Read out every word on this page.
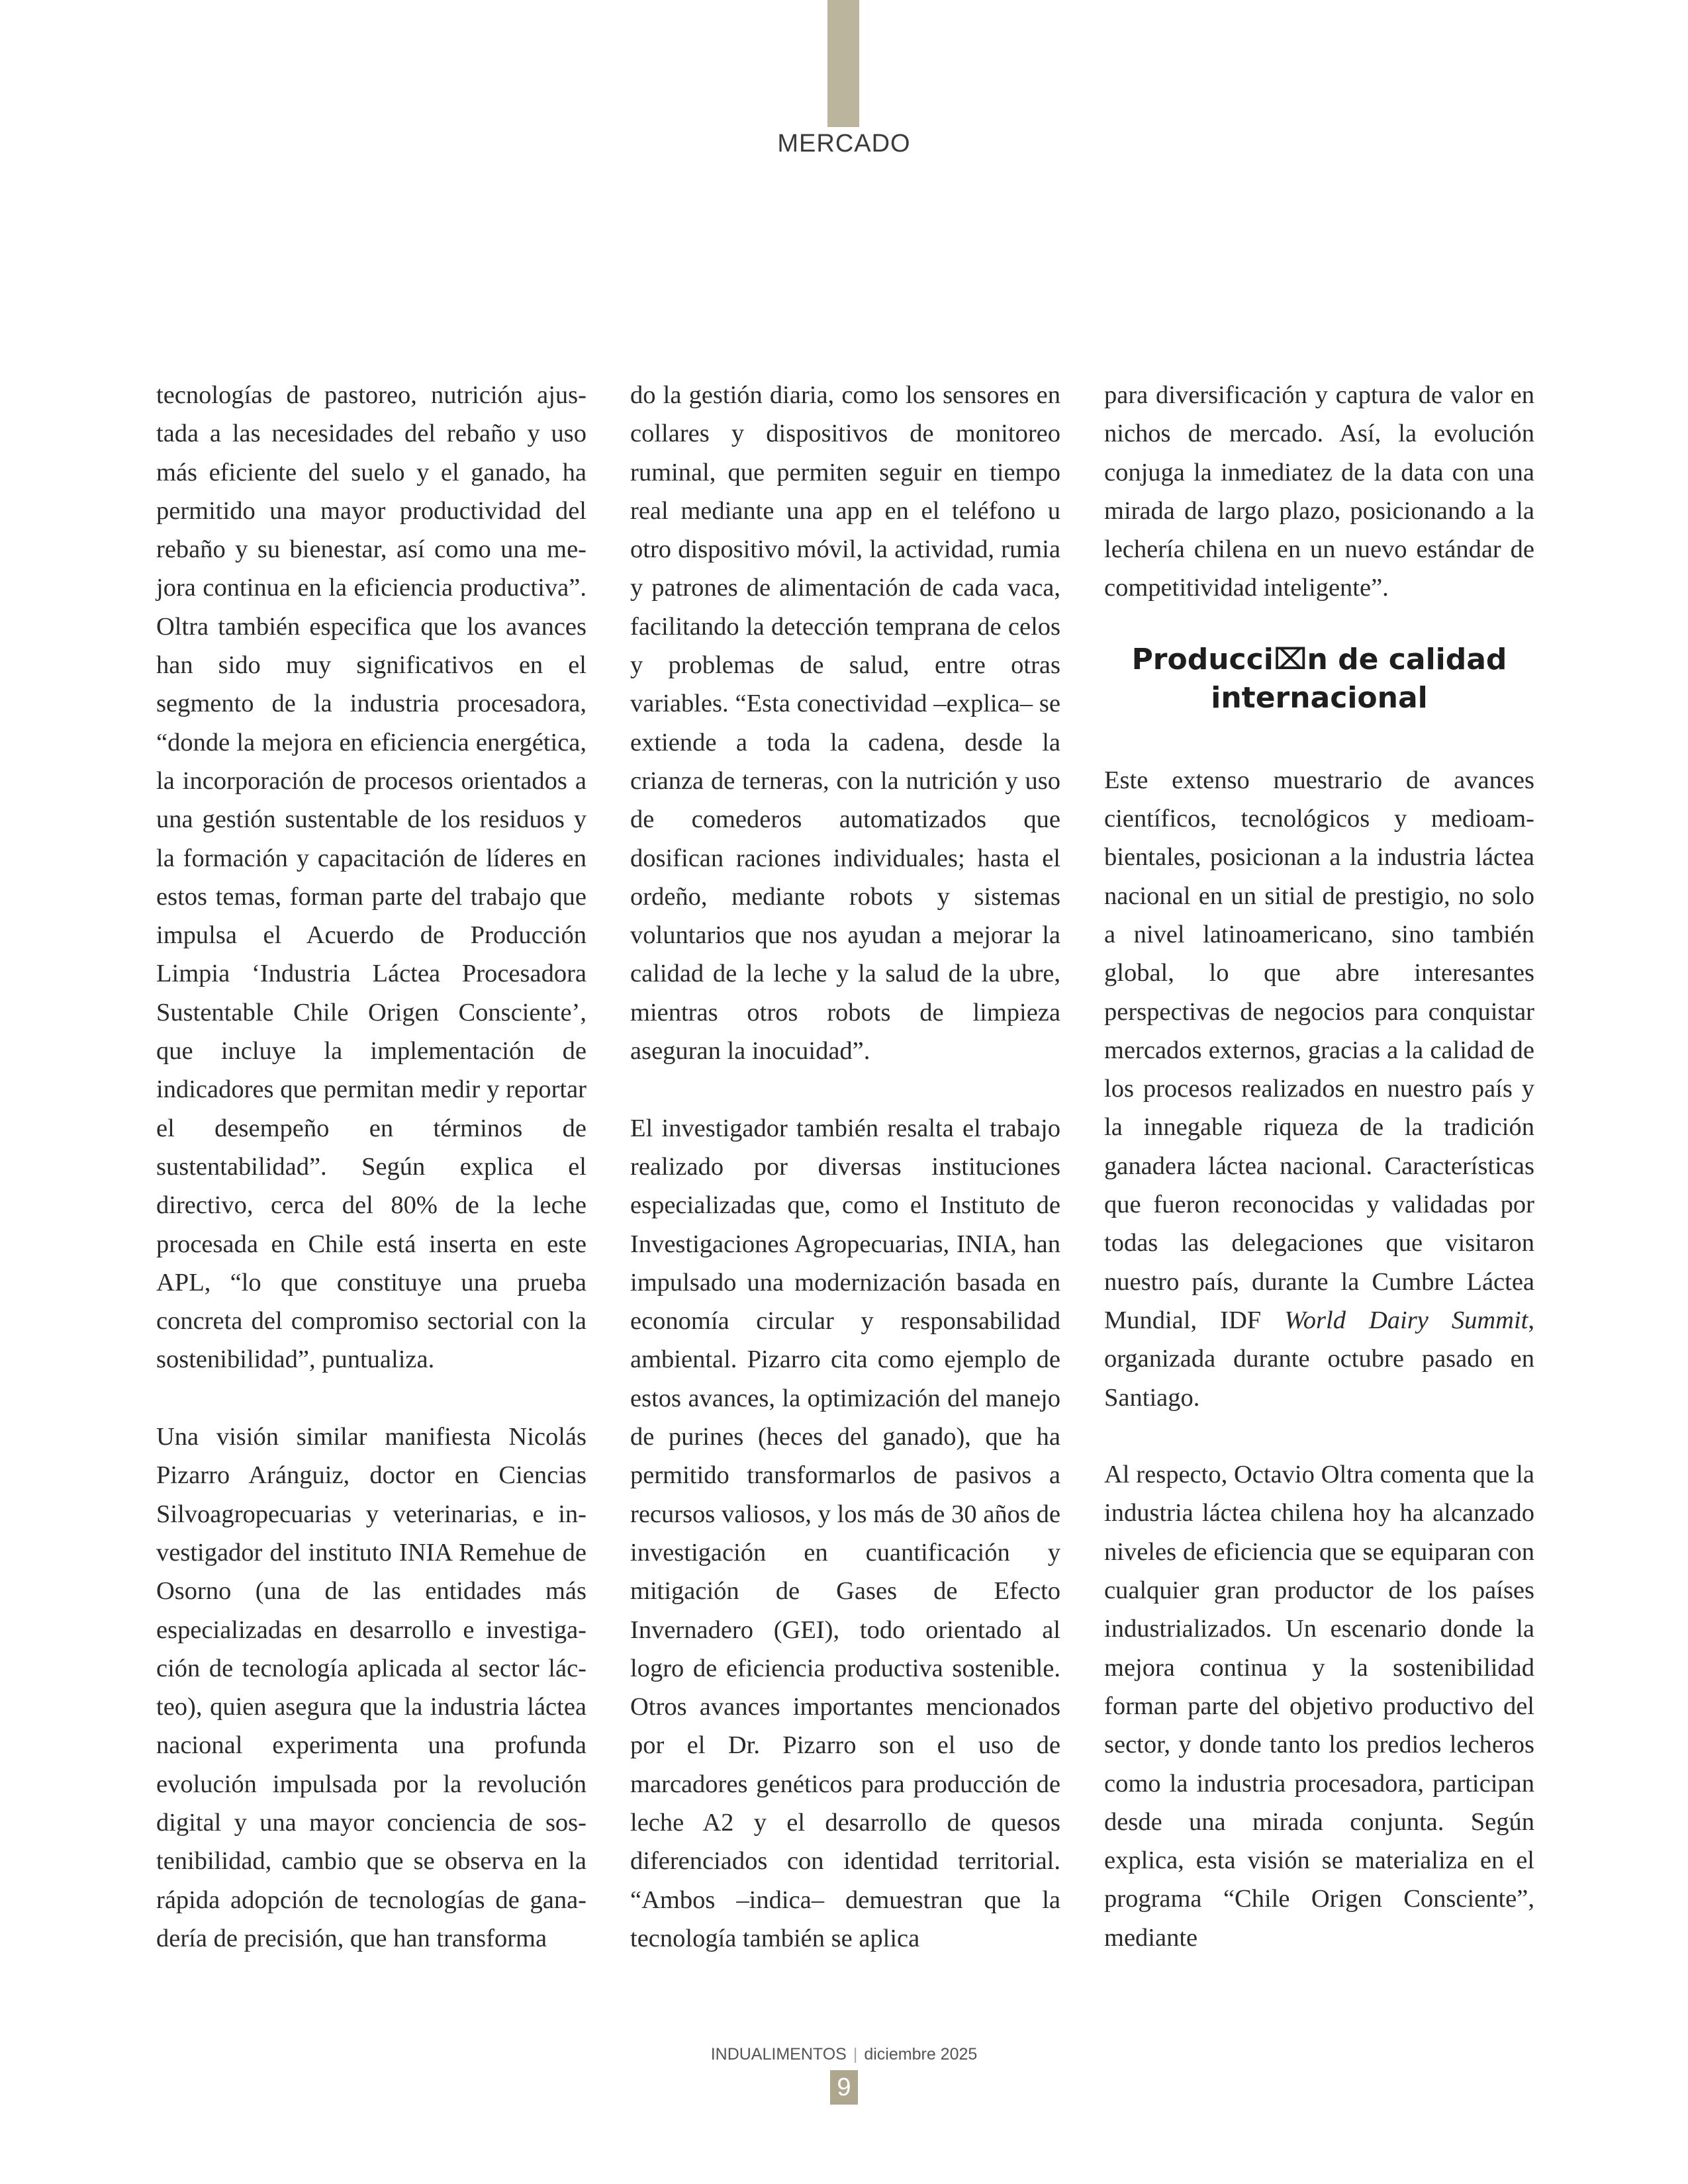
MERCADO

tecnologías de pastoreo, nutrición ajustada a las necesidades del rebaño y uso más eficiente del suelo y el ganado, ha permitido una mayor productividad del rebaño y su bienestar, así como una mejora continua en la eficiencia productiva”. Oltra también especifica que los avances han sido muy significativos en el segmento de la industria procesadora, “donde la mejora en eficiencia energética, la incorporación de procesos orientados a una gestión sustentable de los residuos y la formación y capacitación de líderes en estos temas, forman parte del trabajo que impulsa el Acuerdo de Producción Limpia ‘Industria Láctea Procesadora Sustentable Chile Origen Consciente’, que incluye la implementación de indicadores que permitan medir y reportar el desempeño en términos de sustentabilidad”. Según explica el directivo, cerca del 80% de la leche procesada en Chile está inserta en este APL, “lo que constituye una prueba concreta del compromiso sectorial con la sostenibilidad”, puntualiza.

Una visión similar manifiesta Nicolás Pizarro Aránguiz, doctor en Ciencias Silvoagropecuarias y veterinarias, e investigador del instituto INIA Remehue de Osorno (una de las entidades más especializadas en desarrollo e investigación de tecnología aplicada al sector lácteo), quien asegura que la industria láctea nacional experimenta una profunda evolución impulsada por la revolución digital y una mayor conciencia de sostenibilidad, cambio que se observa en la rápida adopción de tecnologías de ganadería de precisión, que han transforma

do la gestión diaria, como los sensores en collares y dispositivos de monitoreo ruminal, que permiten seguir en tiempo real mediante una app en el teléfono u otro dispositivo móvil, la actividad, rumia y patrones de alimentación de cada vaca, facilitando la detección temprana de celos y problemas de salud, entre otras variables. “Esta conectividad –explica– se extiende a toda la cadena, desde la crianza de terneras, con la nutrición y uso de comederos automatizados que dosifican raciones individuales; hasta el ordeño, mediante robots y sistemas voluntarios que nos ayudan a mejorar la calidad de la leche y la salud de la ubre, mientras otros robots de limpieza aseguran la inocuidad”.

El investigador también resalta el trabajo realizado por diversas instituciones especializadas que, como el Instituto de Investigaciones Agropecuarias, INIA, han impulsado una modernización basada en economía circular y responsabilidad ambiental. Pizarro cita como ejemplo de estos avances, la optimización del manejo de purines (heces del ganado), que ha permitido transformarlos de pasivos a recursos valiosos, y los más de 30 años de investigación en cuantificación y mitigación de Gases de Efecto Invernadero (GEI), todo orientado al logro de eficiencia productiva sostenible. Otros avances importantes mencionados por el Dr. Pizarro son el uso de marcadores genéticos para producción de leche A2 y el desarrollo de quesos diferenciados con identidad territorial. “Ambos –indica– demuestran que la tecnología también se aplica

para diversificación y captura de valor en nichos de mercado. Así, la evolución conjuga la inmediatez de la data con una mirada de largo plazo, posicionando a la lechería chilena en un nuevo estándar de competitividad inteligente”.

Producci⌧n de calidad internacional

Este extenso muestrario de avances científicos, tecnológicos y medioambientales, posicionan a la industria láctea nacional en un sitial de prestigio, no solo a nivel latinoamericano, sino también global, lo que abre interesantes perspectivas de negocios para conquistar mercados externos, gracias a la calidad de los procesos realizados en nuestro país y la innegable riqueza de la tradición ganadera láctea nacional. Características que fueron reconocidas y validadas por todas las delegaciones que visitaron nuestro país, durante la Cumbre Láctea Mundial, IDF World Dairy Summit, organizada durante octubre pasado en Santiago.

Al respecto, Octavio Oltra comenta que la industria láctea chilena hoy ha alcanzado niveles de eficiencia que se equiparan con cualquier gran productor de los países industrializados. Un escenario donde la mejora continua y la sostenibilidad forman parte del objetivo productivo del sector, y donde tanto los predios lecheros como la industria procesadora, participan desde una mirada conjunta. Según explica, esta visión se materializa en el programa “Chile Origen Consciente”, mediante

INDUALIMENTOS | diciembre 2025
9
